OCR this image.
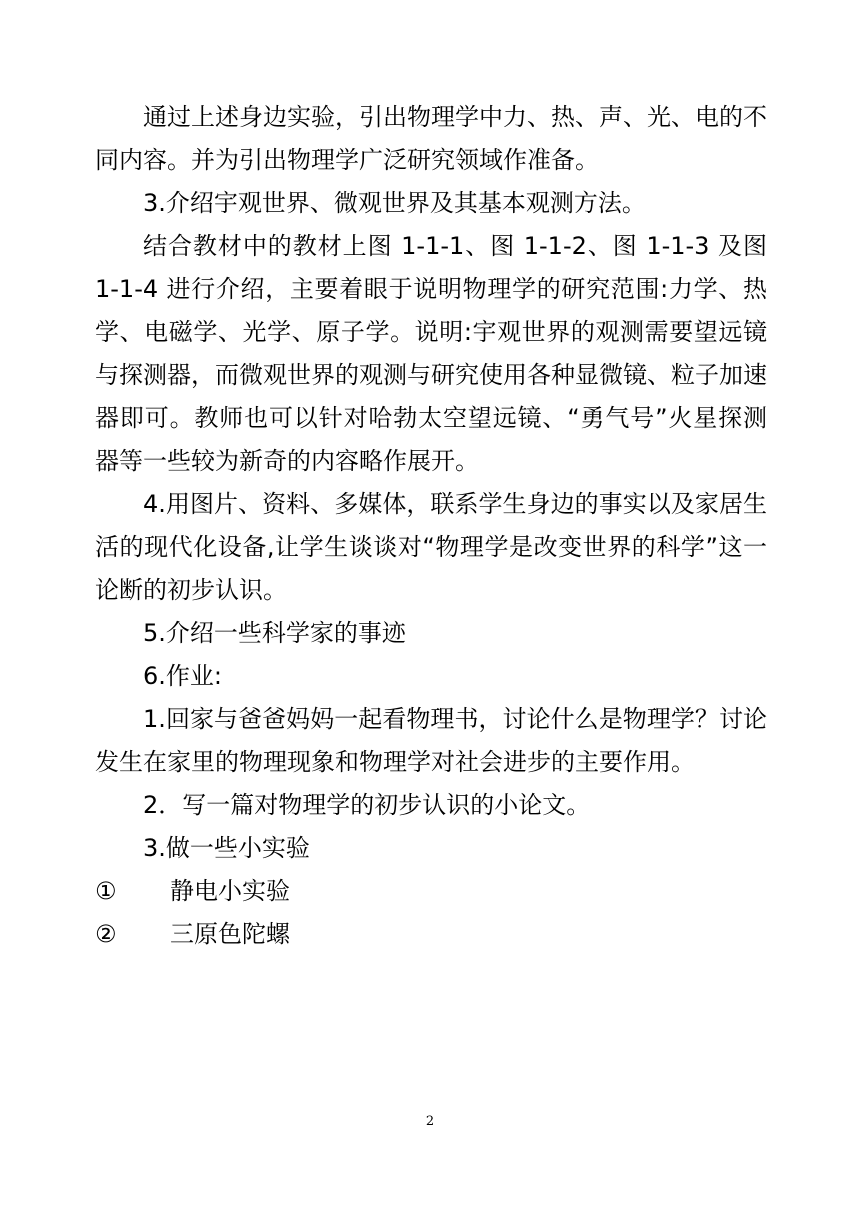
通过上述身边实验，引出物理学中力、热、声、光、电的不同内容。并为引出物理学广泛研究领域作准备。

3.介绍宇观世界、微观世界及其基本观测方法。

结合教材中的教材上图 1-1-1、图 1-1-2、图 1-1-3 及图 1-1-4 进行介绍，主要着眼于说明物理学的研究范围:力学、热学、电磁学、光学、原子学。说明:宇观世界的观测需要望远镜与探测器，而微观世界的观测与研究使用各种显微镜、粒子加速器即可。教师也可以针对哈勃太空望远镜、“勇气号”火星探测器等一些较为新奇的内容略作展开。

4.用图片、资料、多媒体，联系学生身边的事实以及家居生活的现代化设备,让学生谈谈对“物理学是改变世界的科学”这一论断的初步认识。

5.介绍一些科学家的事迹

6.作业:

1.回家与爸爸妈妈一起看物理书，讨论什么是物理学？讨论发生在家里的物理现象和物理学对社会进步的主要作用。

2．写一篇对物理学的初步认识的小论文。

3.做一些小实验

①	静电小实验
②	三原色陀螺
2
